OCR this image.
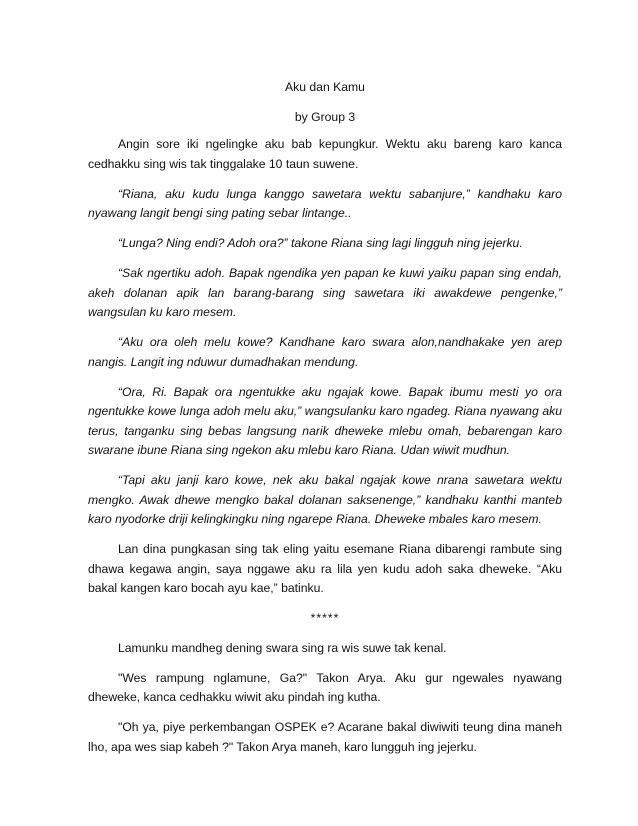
Aku dan Kamu
by Group 3

Angin sore iki ngelingke aku bab kepungkur. Wektu aku bareng karo kanca cedhakku sing wis tak tinggalake 10 taun suwene.

“Riana, aku kudu lunga kanggo sawetara wektu sabanjure,” kandhaku karo nyawang langit bengi sing pating sebar lintange..

“Lunga? Ning endi? Adoh ora?” takone Riana sing lagi lingguh ning jejerku.

“Sak ngertiku adoh. Bapak ngendika yen papan ke kuwi yaiku papan sing endah, akeh dolanan apik lan barang-barang sing sawetara iki awakdewe pengenke,” wangsulan ku karo mesem.

“Aku ora oleh melu kowe? Kandhane karo swara alon,nandhakake yen arep nangis. Langit ing nduwur dumadhakan mendung.

“Ora, Ri. Bapak ora ngentukke aku ngajak kowe. Bapak ibumu mesti yo ora ngentukke kowe lunga adoh melu aku,” wangsulanku karo ngadeg. Riana nyawang aku terus, tanganku sing bebas langsung narik dheweke mlebu omah, bebarengan karo swarane ibune Riana sing ngekon aku mlebu karo Riana. Udan wiwit mudhun.

“Tapi aku janji karo kowe, nek aku bakal ngajak kowe nrana sawetara wektu mengko. Awak dhewe mengko bakal dolanan saksenenge,” kandhaku kanthi manteb karo nyodorke driji kelingkingku ning ngarepe Riana. Dheweke mbales karo mesem.

Lan dina pungkasan sing tak eling yaitu esemane Riana dibarengi rambute sing dhawa kegawa angin, saya nggawe aku ra lila yen kudu adoh saka dheweke. “Aku bakal kangen karo bocah ayu kae,” batinku.

*****

Lamunku mandheg dening swara sing ra wis suwe tak kenal.

"Wes rampung nglamune, Ga?" Takon Arya. Aku gur ngewales nyawang dheweke, kanca cedhakku wiwit aku pindah ing kutha.

"Oh ya, piye perkembangan OSPEK e? Acarane bakal diwiwiti teung dina maneh lho, apa wes siap kabeh ?" Takon Arya maneh, karo lungguh ing jejerku.
